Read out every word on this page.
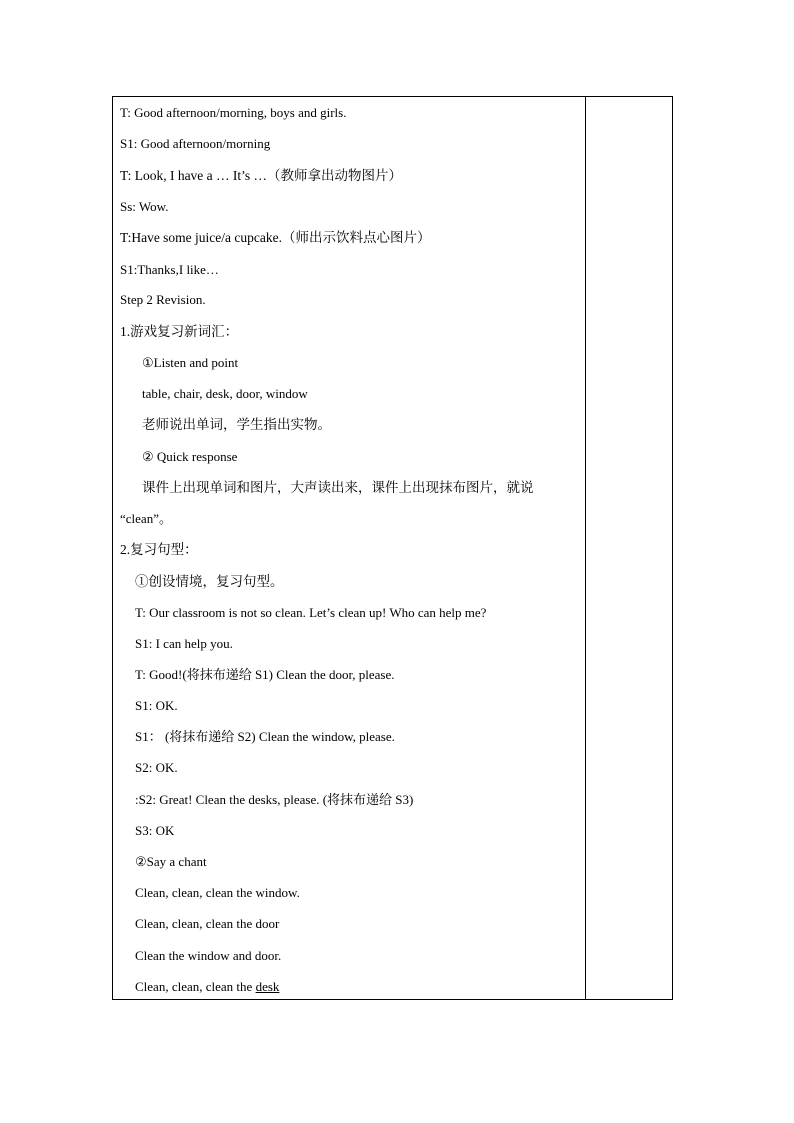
T: Good afternoon/morning, boys and girls.
S1: Good afternoon/morning
T: Look, I have a … It’s …（教师拿出动物图片）
Ss: Wow.
T:Have some juice/a cupcake.（师出示饮料点心图片）
S1:Thanks,I like…
Step 2 Revision.
1.游戏复习新词汇：
①Listen and point
table, chair, desk, door, window
老师说出单词，学生指出实物。
② Quick response
课件上出现单词和图片，大声读出来，课件上出现抹布图片，就说
“clean”。
2.复习句型：
①创设情境，复习句型。
T: Our classroom is not so clean. Let’s clean up! Who can help me?
S1: I can help you.
T: Good!(将抹布递给 S1) Clean the door, please.
S1: OK.
S1： (将抹布递给 S2) Clean the window, please.
S2: OK.
:S2: Great! Clean the desks, please. (将抹布递给 S3)
S3: OK
②Say a chant
Clean, clean, clean the window.
Clean, clean, clean the door
Clean the window and door.
Clean, clean, clean the desk
